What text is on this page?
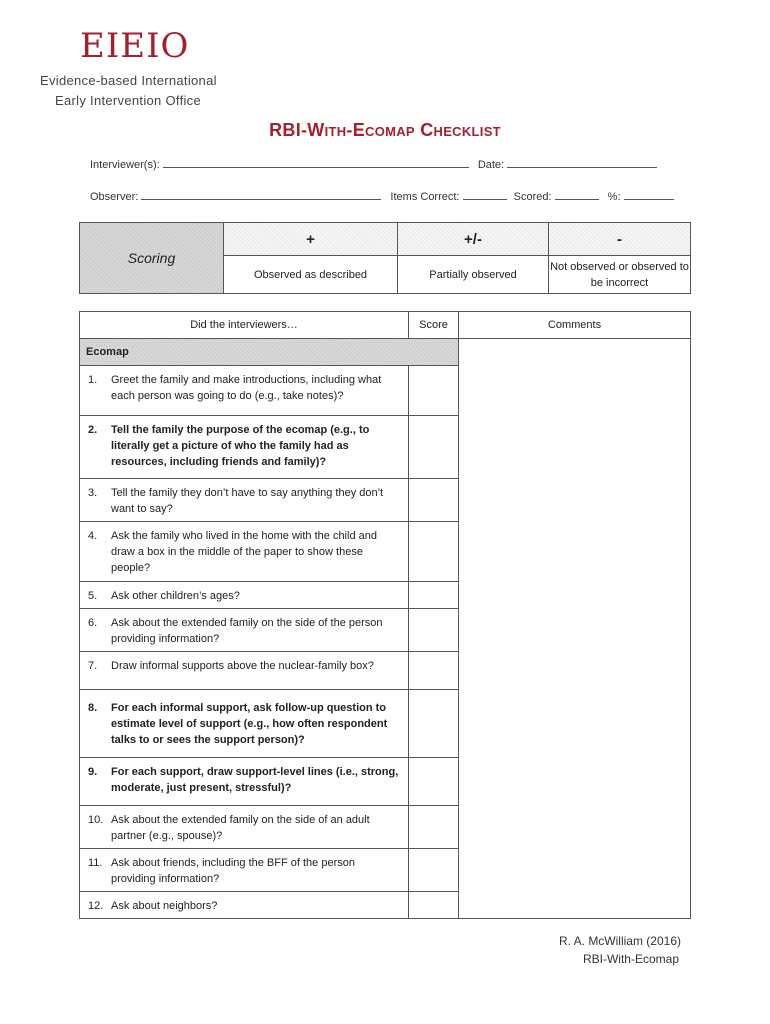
EIEIO
Evidence-based International
Early Intervention Office
RBI-With-Ecomap Checklist
Interviewer(s):	Date:
Observer:	Items Correct:	Scored:	%:
Scoring	+	+/-	-
	Observed as described	Partially observed	Not observed or observed to be incorrect
Did the interviewers…	Score	Comments
Ecomap		

1. Greet the family and make introductions, including what each person was going to do (e.g., take notes)?		

2. Tell the family the purpose of the ecomap (e.g., to literally get a picture of who the family had as resources, including friends and family)?		

3. Tell the family they don’t have to say anything they don’t want to say?		

4. Ask the family who lived in the home with the child and draw a box in the middle of the paper to show these people?		

5. Ask other children’s ages?		

6. Ask about the extended family on the side of the person providing information?		

7. Draw informal supports above the nuclear-family box?		

8. For each informal support, ask follow-up question to estimate level of support (e.g., how often respondent talks to or sees the support person)?		

9. For each support, draw support-level lines (i.e., strong, moderate, just present, stressful)?		

10. Ask about the extended family on the side of an adult partner (e.g., spouse)?		

11. Ask about friends, including the BFF of the person providing information?		

12. Ask about neighbors?		

R. A. McWilliam (2016)
RBI-With-Ecomap
